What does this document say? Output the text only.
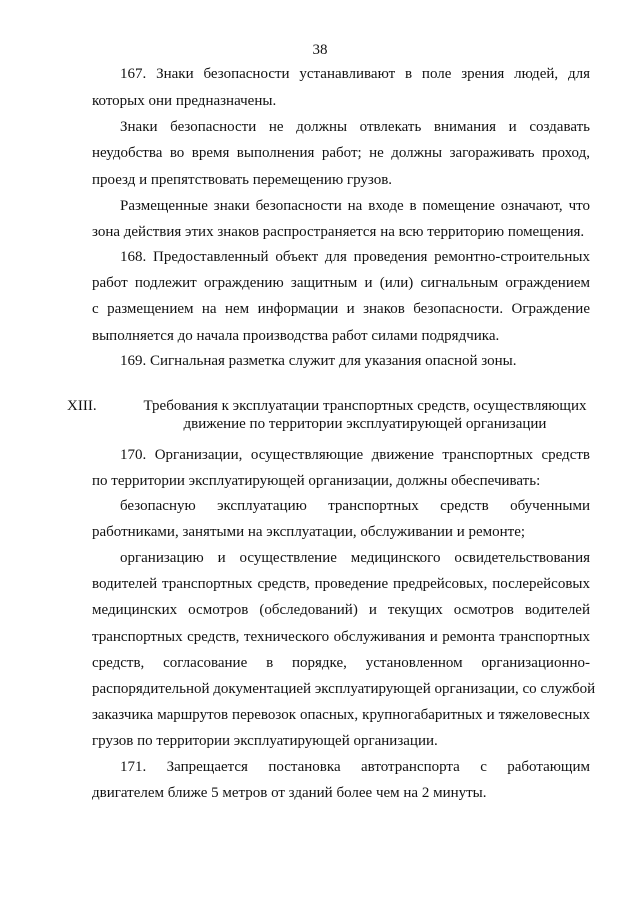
38
167. Знаки безопасности устанавливают в поле зрения людей, для
которых они предназначены.
Знаки безопасности не должны отвлекать внимания и создавать
неудобства во время выполнения работ; не должны загораживать проход,
проезд и препятствовать перемещению грузов.
Размещенные знаки безопасности на входе в помещение означают, что
зона действия этих знаков распространяется на всю территорию помещения.
168. Предоставленный объект для проведения ремонтно-строительных
работ подлежит ограждению защитным и (или) сигнальным ограждением
с размещением на нем информации и знаков безопасности. Ограждение
выполняется до начала производства работ силами подрядчика.
169. Сигнальная разметка служит для указания опасной зоны.
XIII.	Требования к эксплуатации транспортных средств, осуществляющих
движение по территории эксплуатирующей организации
170. Организации, осуществляющие движение транспортных средств
по территории эксплуатирующей организации, должны обеспечивать:
безопасную эксплуатацию транспортных средств обученными
работниками, занятыми на эксплуатации, обслуживании и ремонте;
организацию и осуществление медицинского освидетельствования
водителей транспортных средств, проведение предрейсовых, послерейсовых
медицинских осмотров (обследований) и текущих осмотров водителей
транспортных средств, технического обслуживания и ремонта транспортных
средств, согласование в порядке, установленном организационно-
распорядительной документацией эксплуатирующей организации, со службой
заказчика маршрутов перевозок опасных, крупногабаритных и тяжеловесных
грузов по территории эксплуатирующей организации.
171. Запрещается постановка автотранспорта с работающим
двигателем ближе 5 метров от зданий более чем на 2 минуты.
